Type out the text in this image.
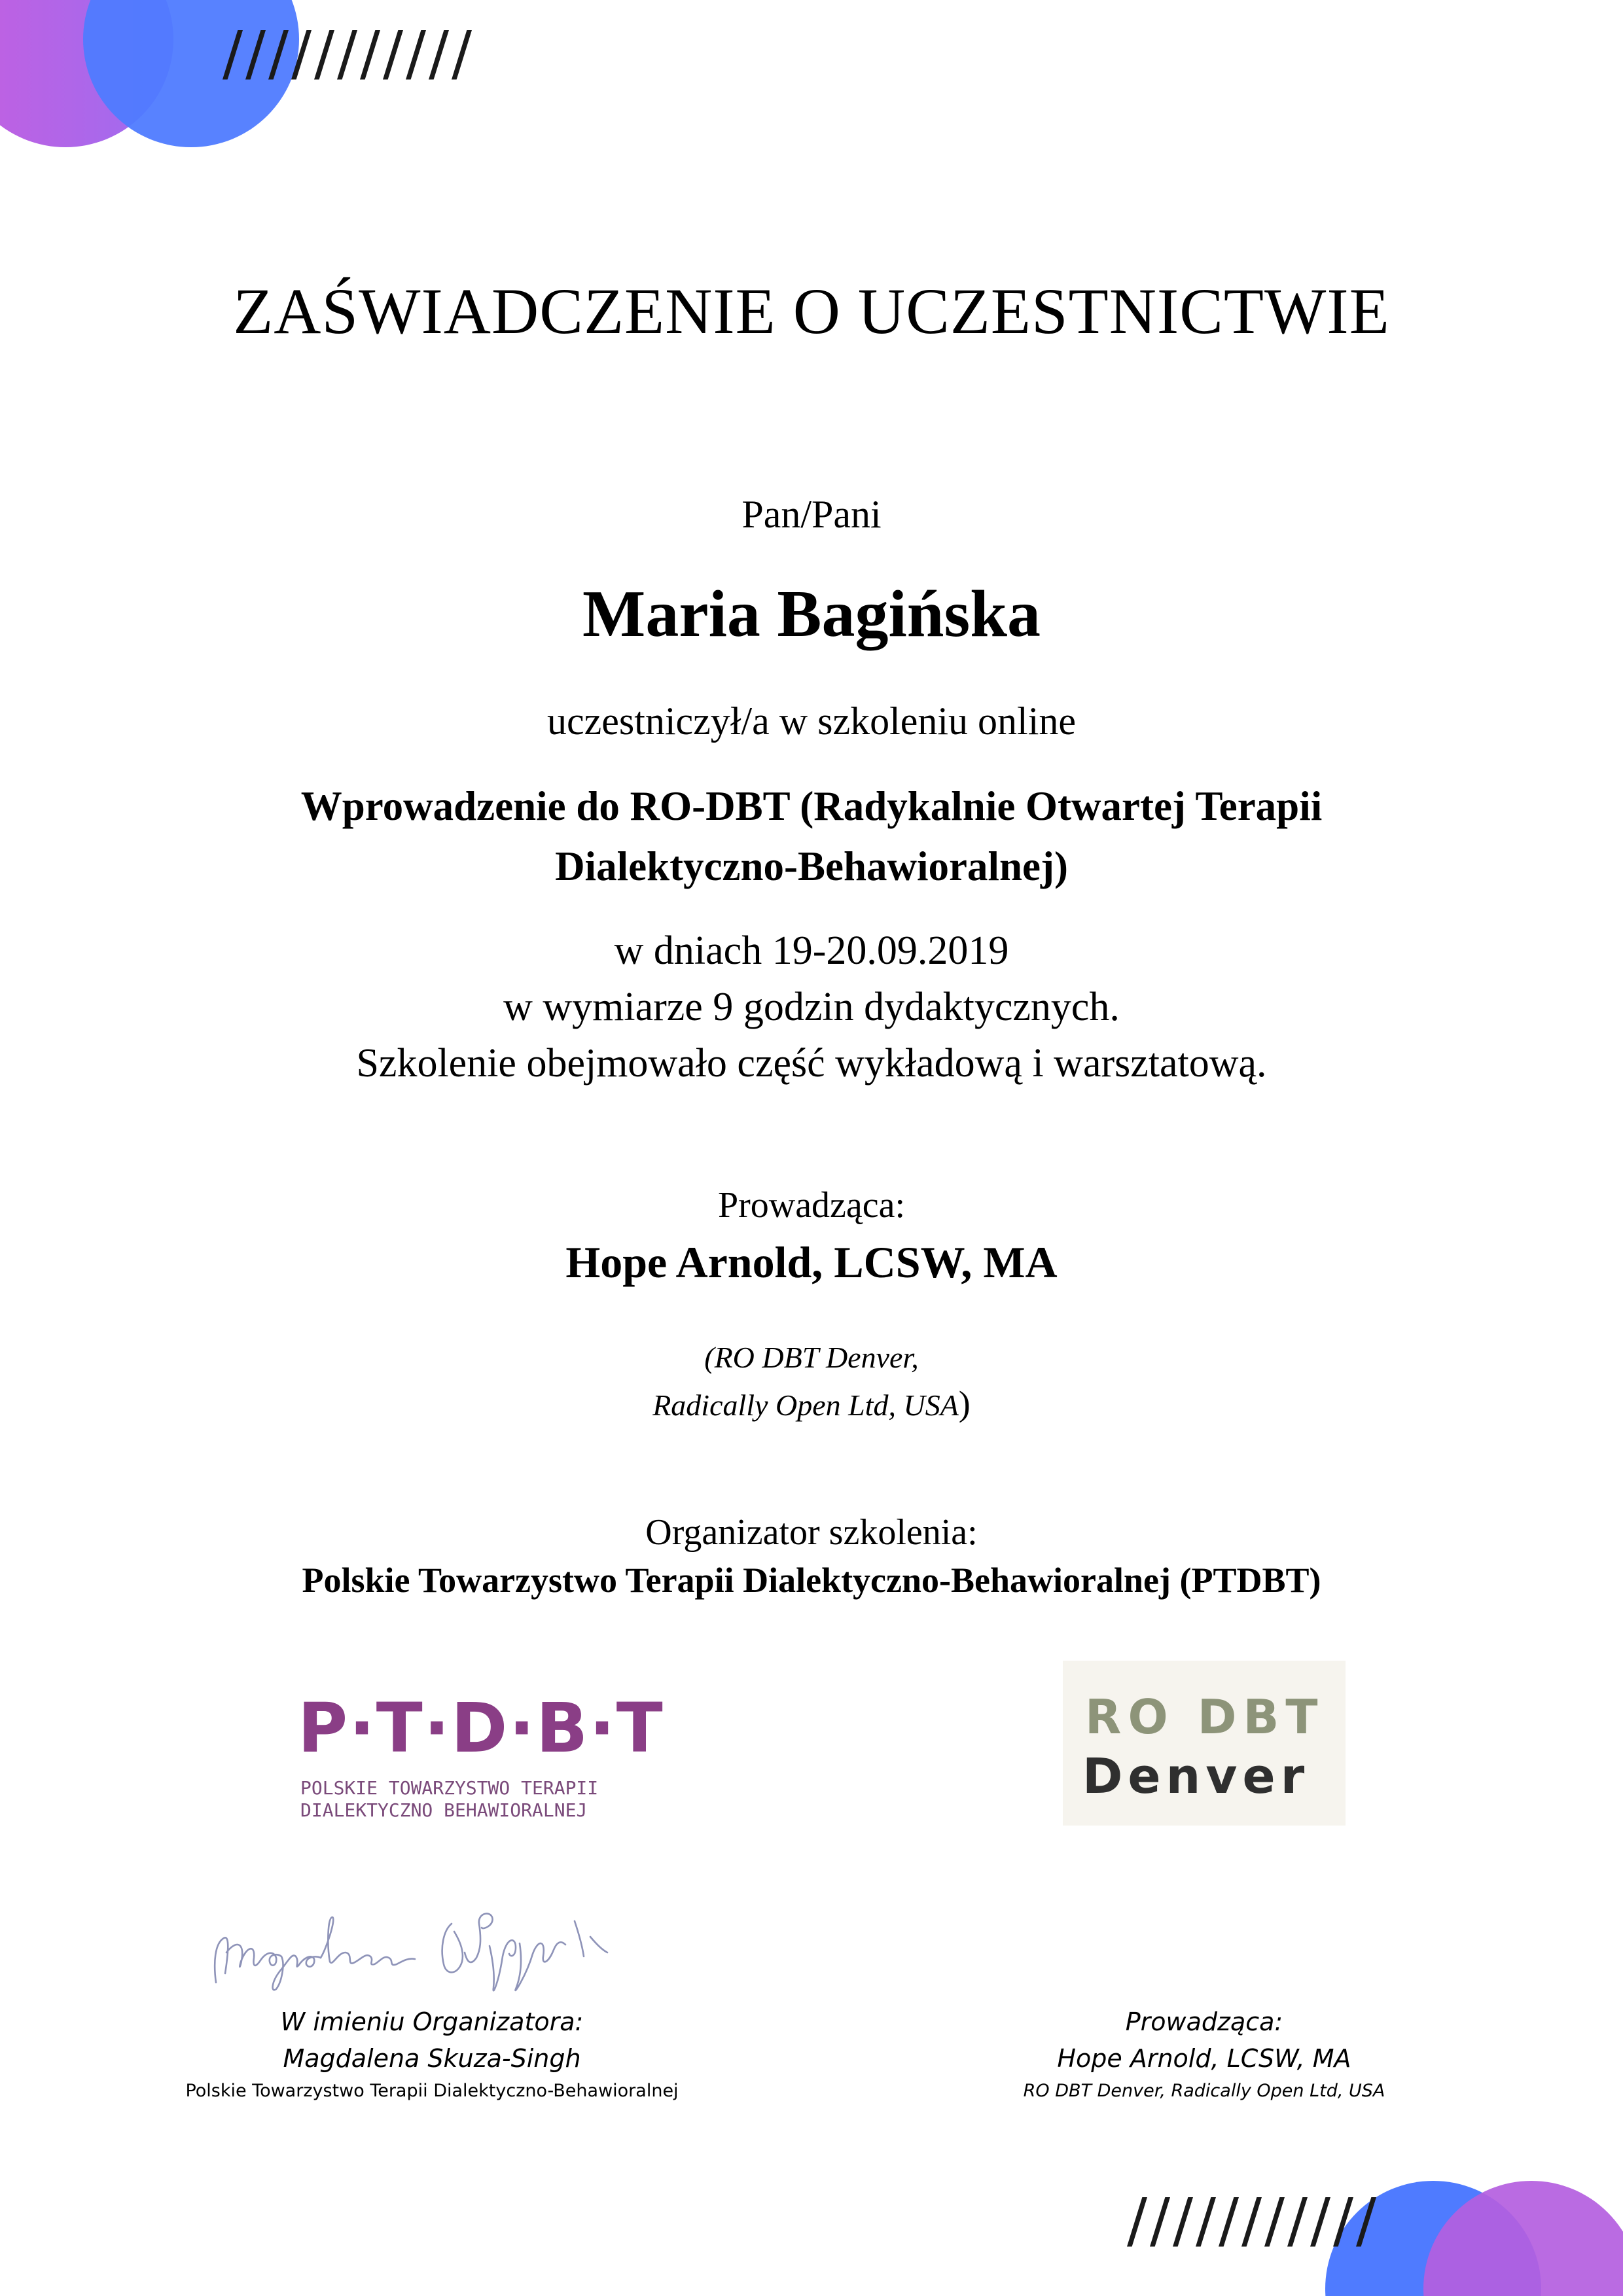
///////////
///////////
ZAŚWIADCZENIE O UCZESTNICTWIE
Pan/Pani
Maria Bagińska
uczestniczył/a w szkoleniu online
Wprowadzenie do RO-DBT (Radykalnie Otwartej Terapii
Dialektyczno-Behawioralnej)
w dniach 19-20.09.2019
w wymiarze 9 godzin dydaktycznych.
Szkolenie obejmowało część wykładową i warsztatową.
Prowadząca:
Hope Arnold, LCSW, MA
(RO DBT Denver,
Radically Open Ltd, USA)
Organizator szkolenia:
Polskie Towarzystwo Terapii Dialektyczno-Behawioralnej (PTDBT)
P·T·D·B·T
POLSKIE TOWARZYSTWO TERAPII
DIALEKTYCZNO BEHAWIORALNEJ
RO DBT
Denver
W imieniu Organizatora:
Magdalena Skuza-Singh
Polskie Towarzystwo Terapii Dialektyczno-Behawioralnej
Prowadząca:
Hope Arnold, LCSW, MA
RO DBT Denver, Radically Open Ltd, USA
